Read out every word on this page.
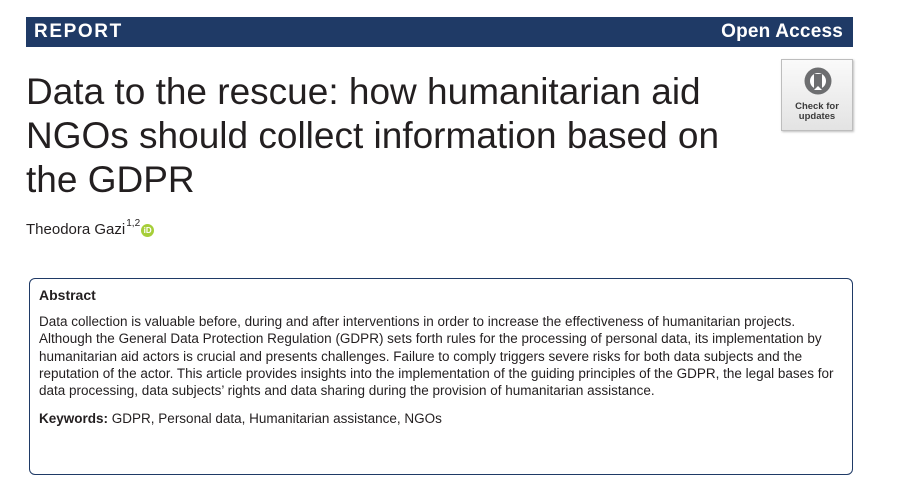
REPORT	Open Access
Data to the rescue: how humanitarian aid NGOs should collect information based on the GDPR
Check for
updates
Theodora Gazi$^{1,2}$
iD
Abstract
Data collection is valuable before, during and after interventions in order to increase the effectiveness of humanitarian projects. Although the General Data Protection Regulation (GDPR) sets forth rules for the processing of personal data, its implementation by humanitarian aid actors is crucial and presents challenges. Failure to comply triggers severe risks for both data subjects and the reputation of the actor. This article provides insights into the implementation of the guiding principles of the GDPR, the legal bases for data processing, data subjects’ rights and data sharing during the provision of humanitarian assistance.
Keywords: GDPR, Personal data, Humanitarian assistance, NGOs
